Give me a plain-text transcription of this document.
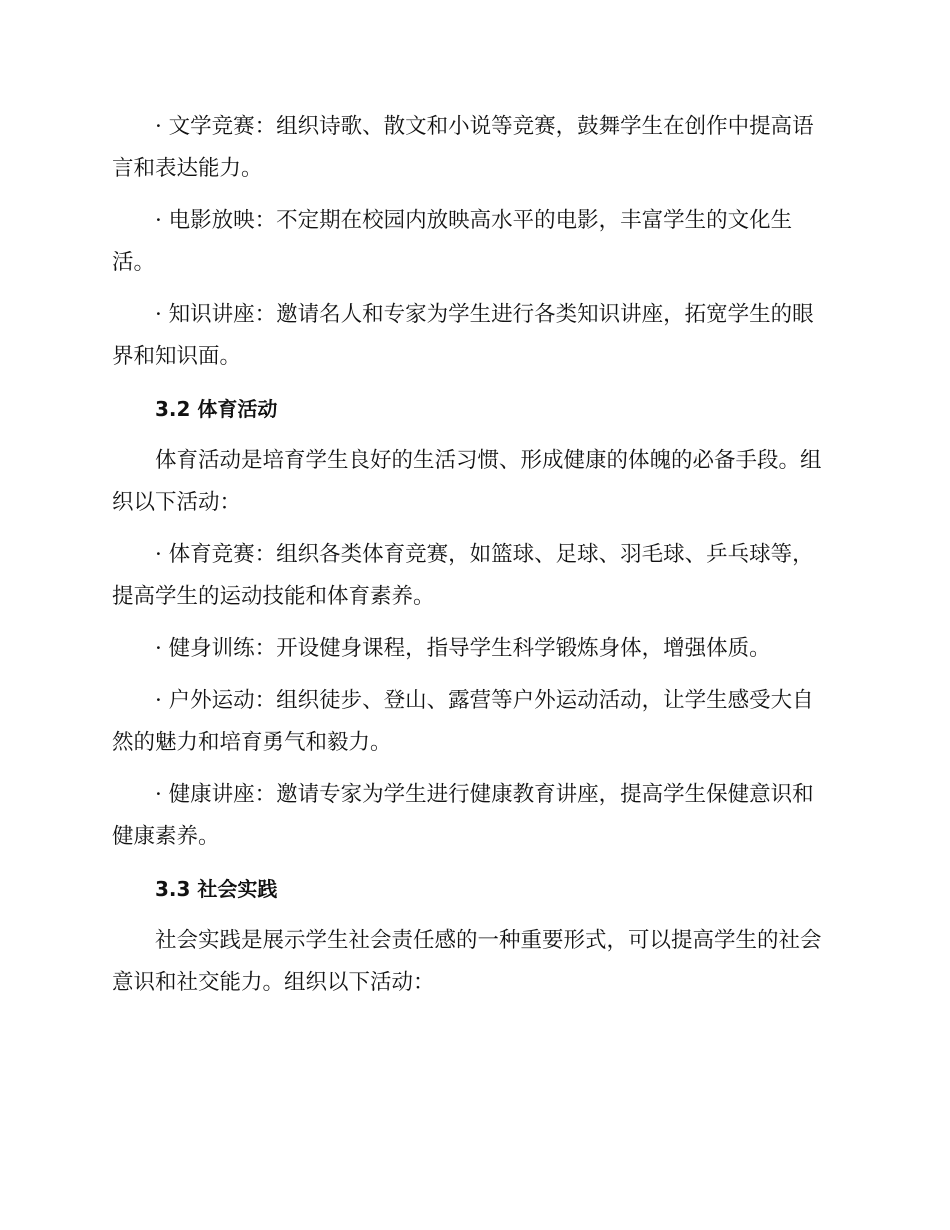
· 文学竞赛：组织诗歌、散文和小说等竞赛，鼓舞学生在创作中提高语言和表达能力。

· 电影放映：不定期在校园内放映高水平的电影，丰富学生的文化生活。

· 知识讲座：邀请名人和专家为学生进行各类知识讲座，拓宽学生的眼界和知识面。

3.2 体育活动

体育活动是培育学生良好的生活习惯、形成健康的体魄的必备手段。组织以下活动：

· 体育竞赛：组织各类体育竞赛，如篮球、足球、羽毛球、乒乓球等，提高学生的运动技能和体育素养。

· 健身训练：开设健身课程，指导学生科学锻炼身体，增强体质。

· 户外运动：组织徒步、登山、露营等户外运动活动，让学生感受大自然的魅力和培育勇气和毅力。

· 健康讲座：邀请专家为学生进行健康教育讲座，提高学生保健意识和健康素养。

3.3 社会实践

社会实践是展示学生社会责任感的一种重要形式，可以提高学生的社会意识和社交能力。组织以下活动：
